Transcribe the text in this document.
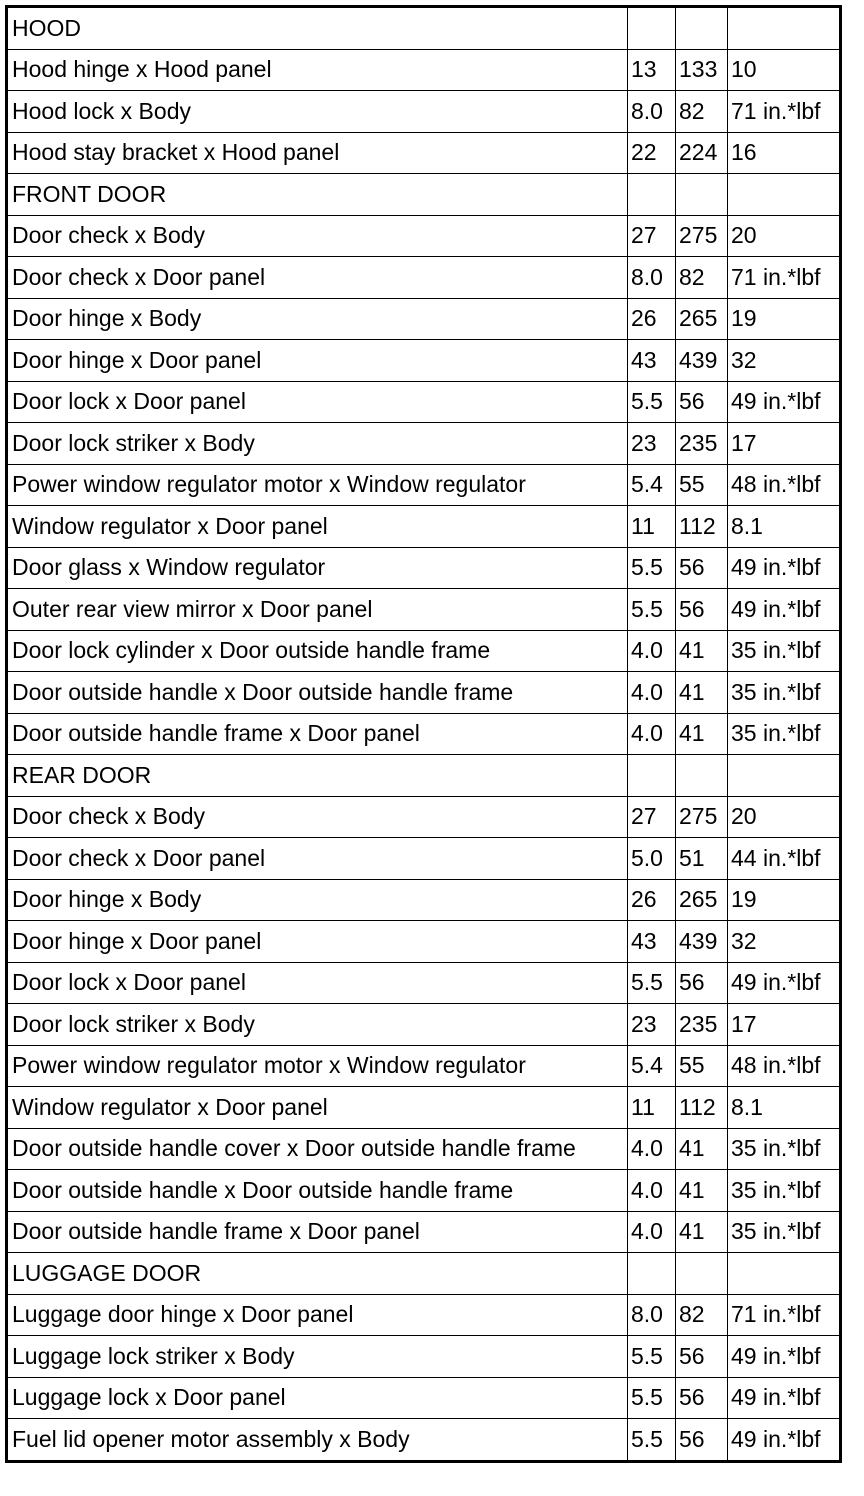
HOOD			
Hood hinge x Hood panel	13	133	10
Hood lock x Body	8.0	82	71 in.*lbf
Hood stay bracket x Hood panel	22	224	16
FRONT DOOR			
Door check x Body	27	275	20
Door check x Door panel	8.0	82	71 in.*lbf
Door hinge x Body	26	265	19
Door hinge x Door panel	43	439	32
Door lock x Door panel	5.5	56	49 in.*lbf
Door lock striker x Body	23	235	17
Power window regulator motor x Window regulator	5.4	55	48 in.*lbf
Window regulator x Door panel	11	112	8.1
Door glass x Window regulator	5.5	56	49 in.*lbf
Outer rear view mirror x Door panel	5.5	56	49 in.*lbf
Door lock cylinder x Door outside handle frame	4.0	41	35 in.*lbf
Door outside handle x Door outside handle frame	4.0	41	35 in.*lbf
Door outside handle frame x Door panel	4.0	41	35 in.*lbf
REAR DOOR			
Door check x Body	27	275	20
Door check x Door panel	5.0	51	44 in.*lbf
Door hinge x Body	26	265	19
Door hinge x Door panel	43	439	32
Door lock x Door panel	5.5	56	49 in.*lbf
Door lock striker x Body	23	235	17
Power window regulator motor x Window regulator	5.4	55	48 in.*lbf
Window regulator x Door panel	11	112	8.1
Door outside handle cover x Door outside handle frame	4.0	41	35 in.*lbf
Door outside handle x Door outside handle frame	4.0	41	35 in.*lbf
Door outside handle frame x Door panel	4.0	41	35 in.*lbf
LUGGAGE DOOR			
Luggage door hinge x Door panel	8.0	82	71 in.*lbf
Luggage lock striker x Body	5.5	56	49 in.*lbf
Luggage lock x Door panel	5.5	56	49 in.*lbf
Fuel lid opener motor assembly x Body	5.5	56	49 in.*lbf
